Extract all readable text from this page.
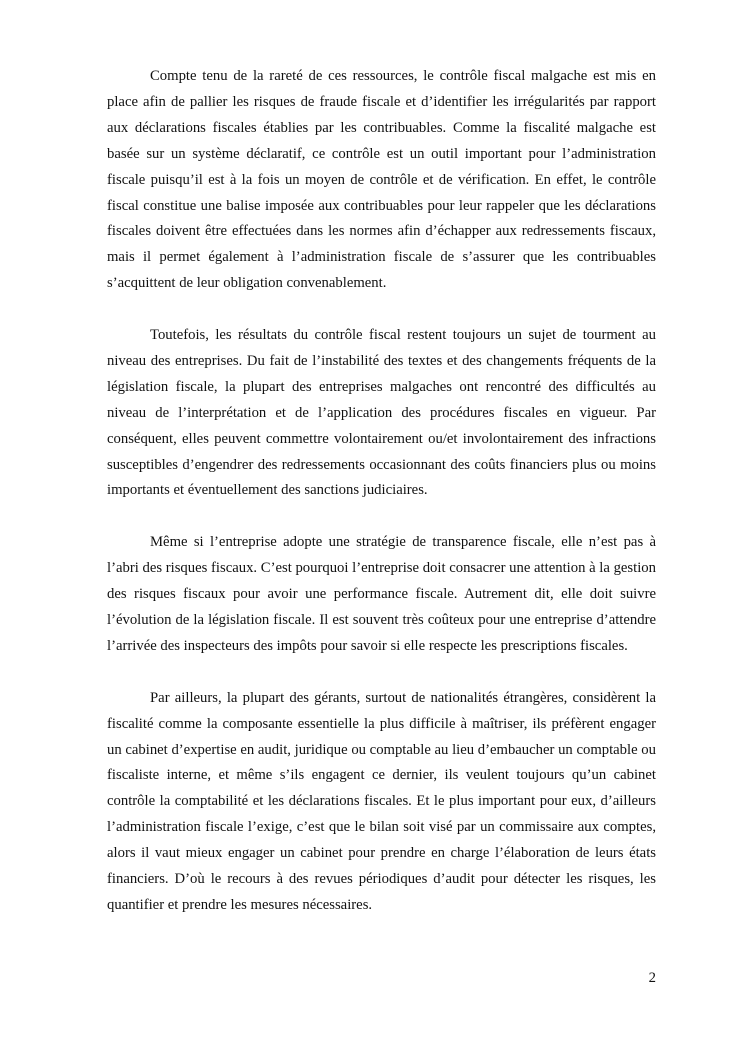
Compte tenu de la rareté de ces ressources, le contrôle fiscal malgache est mis en place afin de pallier les risques de fraude fiscale et d’identifier les irrégularités par rapport aux déclarations fiscales établies par les contribuables. Comme la fiscalité malgache est basée sur un système déclaratif, ce contrôle est un outil important pour l’administration fiscale puisqu’il est à la fois un moyen de contrôle et de vérification. En effet, le contrôle fiscal constitue une balise imposée aux contribuables pour leur rappeler que les déclarations fiscales doivent être effectuées dans les normes afin d’échapper aux redressements fiscaux, mais il permet également à l’administration fiscale de s’assurer que les contribuables s’acquittent de leur obligation convenablement.

Toutefois, les résultats du contrôle fiscal restent toujours un sujet de tourment au niveau des entreprises. Du fait de l’instabilité des textes et des changements fréquents de la législation fiscale, la plupart des entreprises malgaches ont rencontré des difficultés au niveau de l’interprétation et de l’application des procédures fiscales en vigueur. Par conséquent, elles peuvent commettre volontairement ou/et involontairement des infractions susceptibles d’engendrer des redressements occasionnant des coûts financiers plus ou moins importants et éventuellement des sanctions judiciaires.

Même si l’entreprise adopte une stratégie de transparence fiscale, elle n’est pas à l’abri des risques fiscaux. C’est pourquoi l’entreprise doit consacrer une attention à la gestion des risques fiscaux pour avoir une performance fiscale. Autrement dit, elle doit suivre l’évolution de la législation fiscale. Il est souvent très coûteux pour une entreprise d’attendre l’arrivée des inspecteurs des impôts pour savoir si elle respecte les prescriptions fiscales.

Par ailleurs, la plupart des gérants, surtout de nationalités étrangères, considèrent la fiscalité comme la composante essentielle la plus difficile à maîtriser, ils préfèrent engager un cabinet d’expertise en audit, juridique ou comptable au lieu d’embaucher un comptable ou fiscaliste interne, et même s’ils engagent ce dernier, ils veulent toujours qu’un cabinet contrôle la comptabilité et les déclarations fiscales. Et le plus important pour eux, d’ailleurs l’administration fiscale l’exige, c’est que le bilan soit visé par un commissaire aux comptes, alors il vaut mieux engager un cabinet pour prendre en charge l’élaboration de leurs états financiers. D’où le recours à des revues périodiques d’audit pour détecter les risques, les quantifier et prendre les mesures nécessaires.

2
